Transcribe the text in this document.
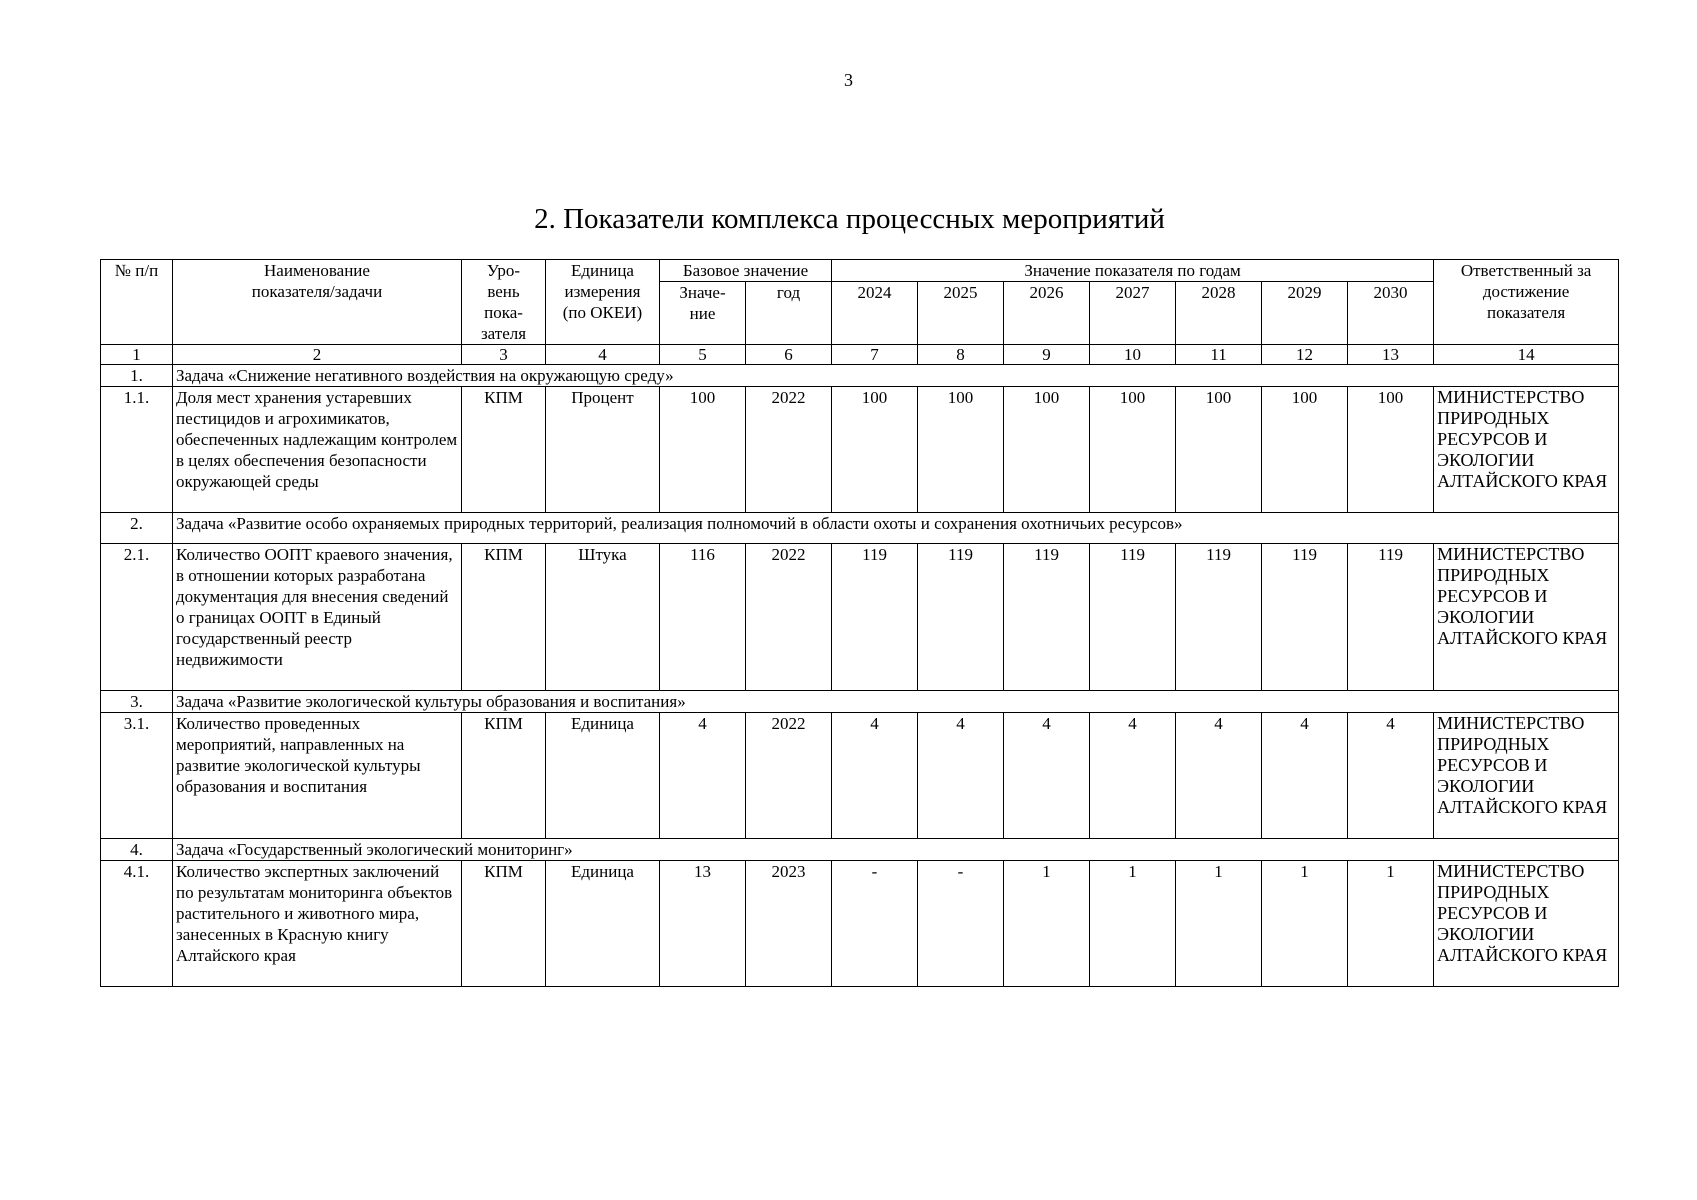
3
2. Показатели комплекса процессных мероприятий
№ п/п	Наименование показателя/задачи	Уро-вень пока-зателя	Единица измерения (по ОКЕИ)	Базовое значение		Значение показателя по годам							Ответственный за достижение показателя
				Значе-ние	год	2024	2025	2026	2027	2028	2029	2030	
1	2	3	4	5	6	7	8	9	10	11	12	13	14
1.	Задача «Снижение негативного воздействия на окружающую среду»												
1.1.	Доля мест хранения устаревших пестицидов и агрохимикатов, обеспеченных надлежащим контролем в целях обеспечения безопасности окружающей среды	КПМ	Процент	100	2022	100	100	100	100	100	100	100	МИНИСТЕРСТВО ПРИРОДНЫХ РЕСУРСОВ И ЭКОЛОГИИ АЛТАЙСКОГО КРАЯ
2.	Задача «Развитие особо охраняемых природных территорий, реализация полномочий в области охоты и сохранения охотничьих ресурсов»												
2.1.	Количество ООПТ краевого значения, в отношении которых разработана документация для внесения сведений о границах ООПТ в Единый государственный реестр недвижимости	КПМ	Штука	116	2022	119	119	119	119	119	119	119	МИНИСТЕРСТВО ПРИРОДНЫХ РЕСУРСОВ И ЭКОЛОГИИ АЛТАЙСКОГО КРАЯ
3.	Задача «Развитие экологической культуры образования и воспитания»												
3.1.	Количество проведенных мероприятий, направленных на развитие экологической культуры образования и воспитания	КПМ	Единица	4	2022	4	4	4	4	4	4	4	МИНИСТЕРСТВО ПРИРОДНЫХ РЕСУРСОВ И ЭКОЛОГИИ АЛТАЙСКОГО КРАЯ
4.	Задача «Государственный экологический мониторинг»												
4.1.	Количество экспертных заключений по результатам мониторинга объектов растительного и животного мира, занесенных в Красную книгу Алтайского края	КПМ	Единица	13	2023	-	-	1	1	1	1	1	МИНИСТЕРСТВО ПРИРОДНЫХ РЕСУРСОВ И ЭКОЛОГИИ АЛТАЙСКОГО КРАЯ
